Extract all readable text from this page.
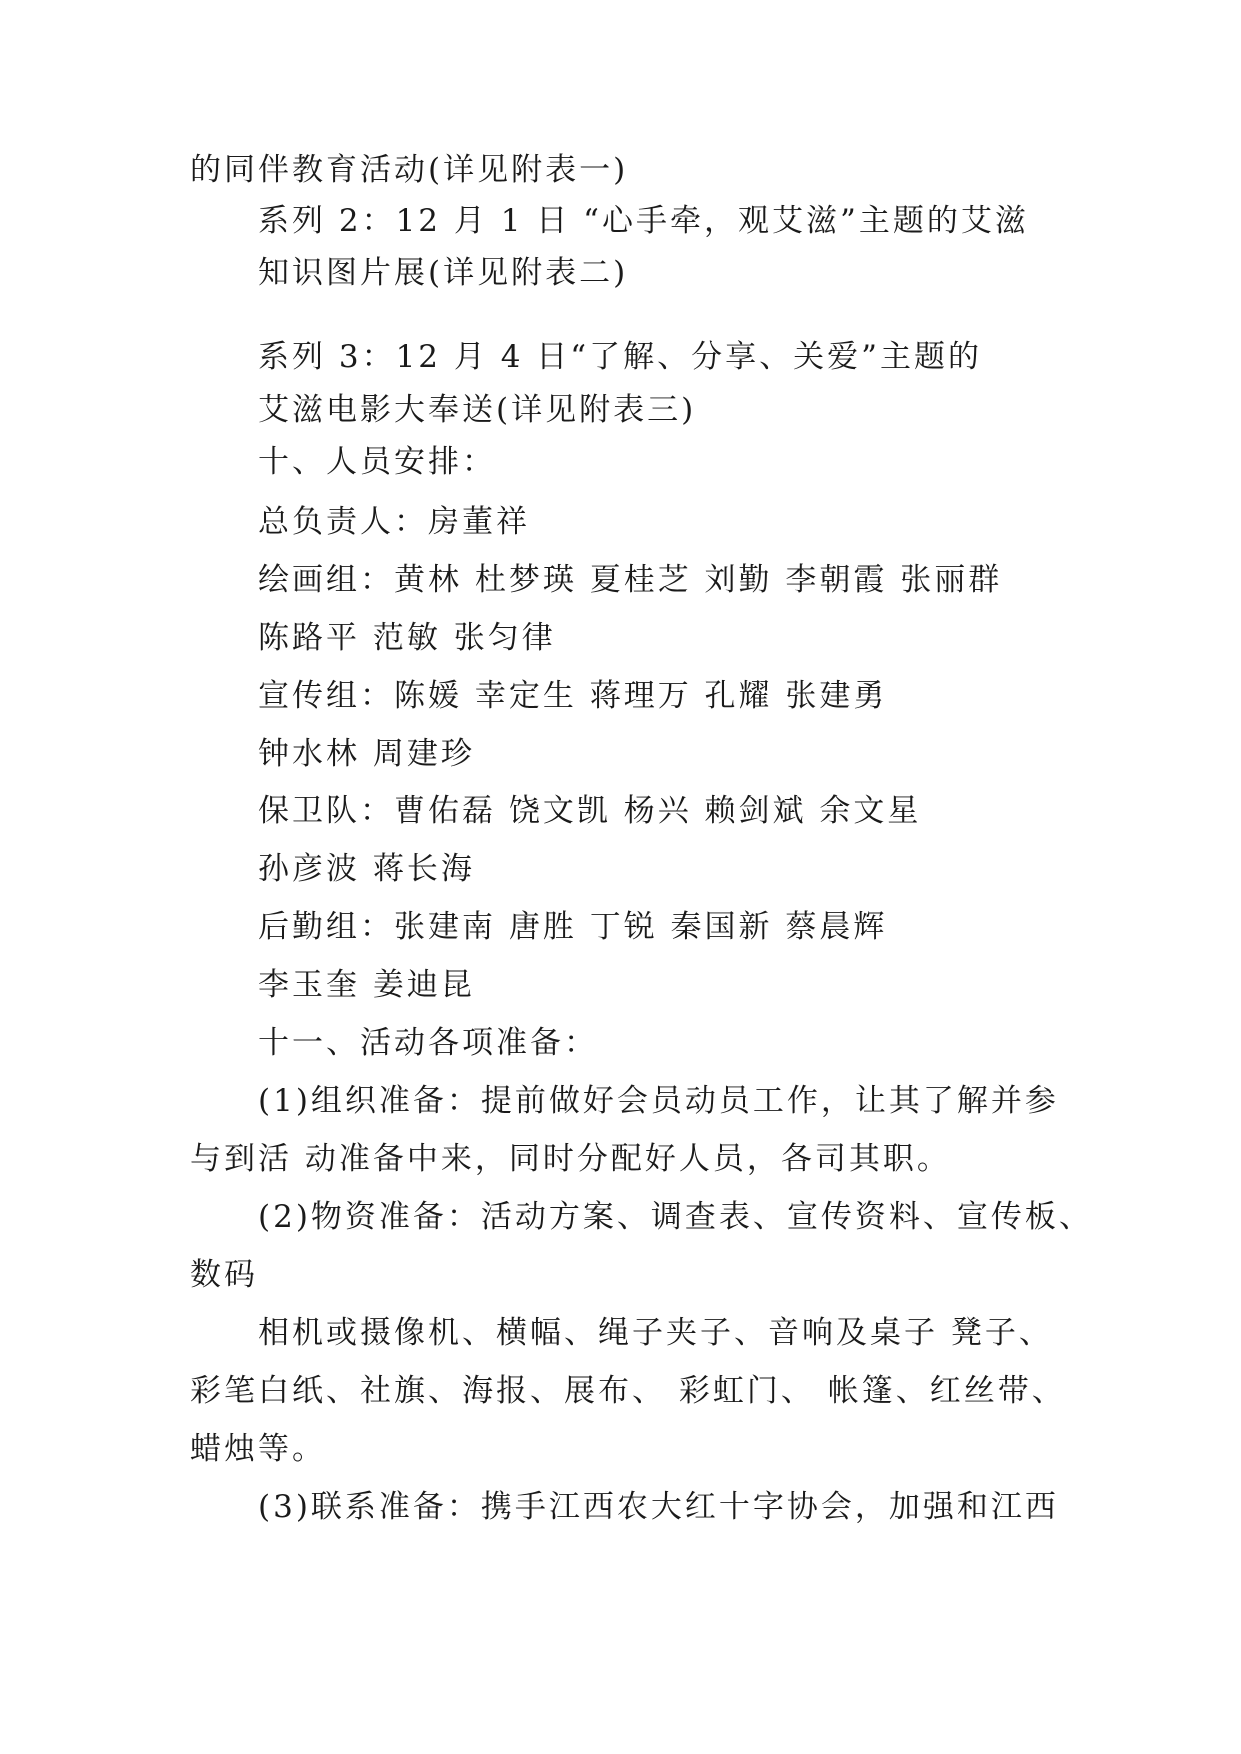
的同伴教育活动(详见附表一)

系列 2：12 月 1 日 “心手牵，观艾滋”主题的艾滋

知识图片展(详见附表二)

系列 3：12 月 4 日“了解、分享、关爱”主题的

艾滋电影大奉送(详见附表三)

十、人员安排：

总负责人：房董祥

绘画组：黄林 杜梦瑛 夏桂芝 刘勤 李朝霞 张丽群

陈路平 范敏 张匀律

宣传组：陈媛 幸定生 蒋理万 孔耀 张建勇

钟水林 周建珍

保卫队：曹佑磊 饶文凯 杨兴 赖剑斌 余文星

孙彦波 蒋长海

后勤组：张建南 唐胜 丁锐 秦国新 蔡晨辉

李玉奎 姜迪昆

十一、活动各项准备：

(1)组织准备：提前做好会员动员工作，让其了解并参

与到活 动准备中来，同时分配好人员，各司其职。

(2)物资准备：活动方案、调查表、宣传资料、宣传板、

数码

相机或摄像机、横幅、绳子夹子、音响及桌子 凳子、

彩笔白纸、社旗、海报、展布、 彩虹门、 帐篷、红丝带、

蜡烛等。

(3)联系准备：携手江西农大红十字协会，加强和江西
